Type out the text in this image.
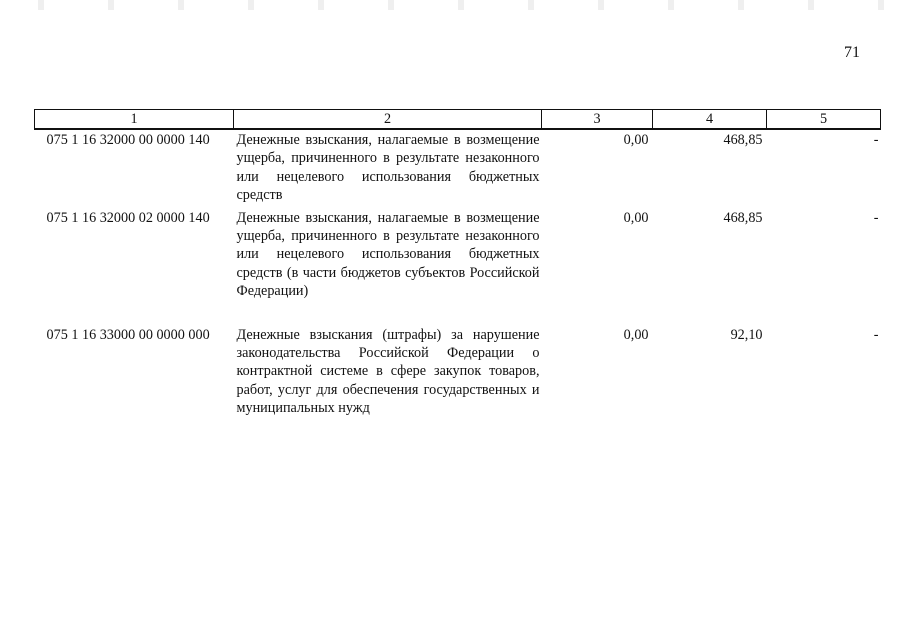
71
1	2	3	4	5
075 1 16 32000 00 0000 140	Денежные взыскания, налагаемые в возмещение ущерба, причиненного в результате незаконного или нецелевого использования бюджетных средств	0,00	468,85	-
075 1 16 32000 02 0000 140	Денежные взыскания, налагаемые в возмещение ущерба, причиненного в результате незаконного или нецелевого использования бюджетных средств (в части бюджетов субъектов Российской Федерации)	0,00	468,85	-
075 1 16 33000 00 0000 000	Денежные взыскания (штрафы) за нарушение законодательства Российской Федерации о контрактной системе в сфере закупок товаров, работ, услуг для обеспечения государственных и муниципальных нужд	0,00	92,10	-
